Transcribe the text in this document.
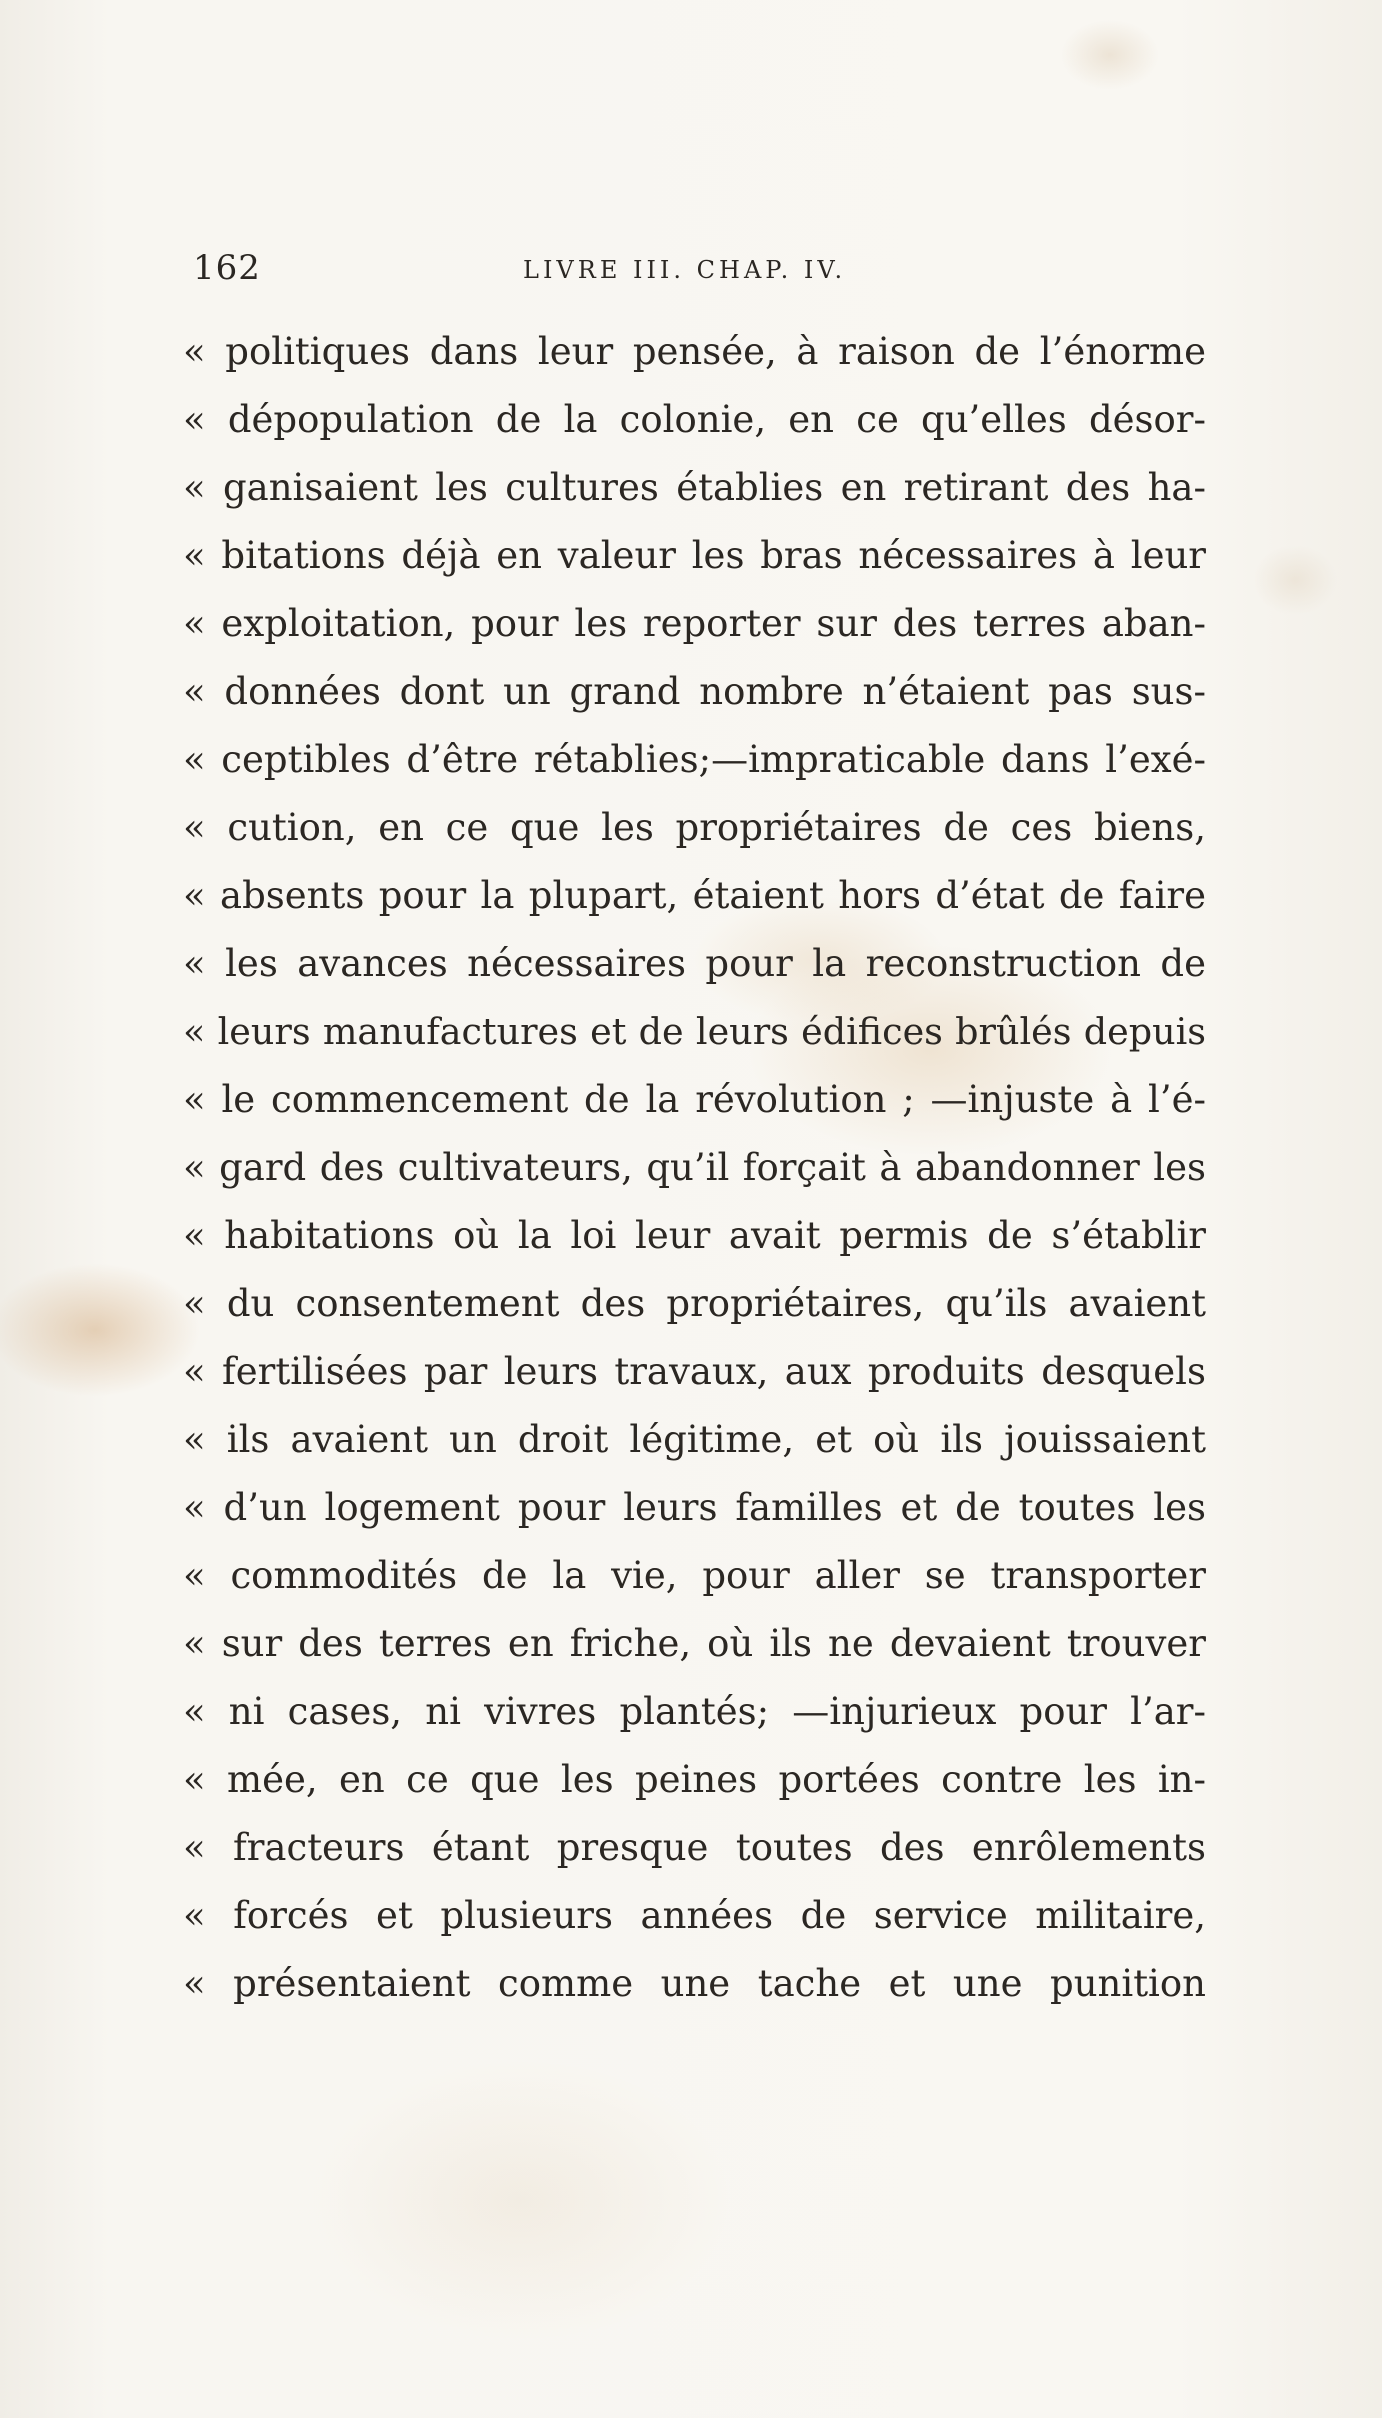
162	LIVRE III. CHAP. IV.
« politiques dans leur pensée, à raison de l’énorme
« dépopulation de la colonie, en ce qu’elles désor-
« ganisaient les cultures établies en retirant des ha-
« bitations déjà en valeur les bras nécessaires à leur
« exploitation, pour les reporter sur des terres aban-
« données dont un grand nombre n’étaient pas sus-
« ceptibles d’être rétablies;—impraticable dans l’exé-
« cution, en ce que les propriétaires de ces biens,
« absents pour la plupart, étaient hors d’état de faire
« les avances nécessaires pour la reconstruction de
« leurs manufactures et de leurs édifices brûlés depuis
« le commencement de la révolution ; —injuste à l’é-
« gard des cultivateurs, qu’il forçait à abandonner les
« habitations où la loi leur avait permis de s’établir
« du consentement des propriétaires, qu’ils avaient
« fertilisées par leurs travaux, aux produits desquels
« ils avaient un droit légitime, et où ils jouissaient
« d’un logement pour leurs familles et de toutes les
« commodités de la vie, pour aller se transporter
« sur des terres en friche, où ils ne devaient trouver
« ni cases, ni vivres plantés; —injurieux pour l’ar-
« mée, en ce que les peines portées contre les in-
« fracteurs étant presque toutes des enrôlements
« forcés et plusieurs années de service militaire,
« présentaient comme une tache et une punition
